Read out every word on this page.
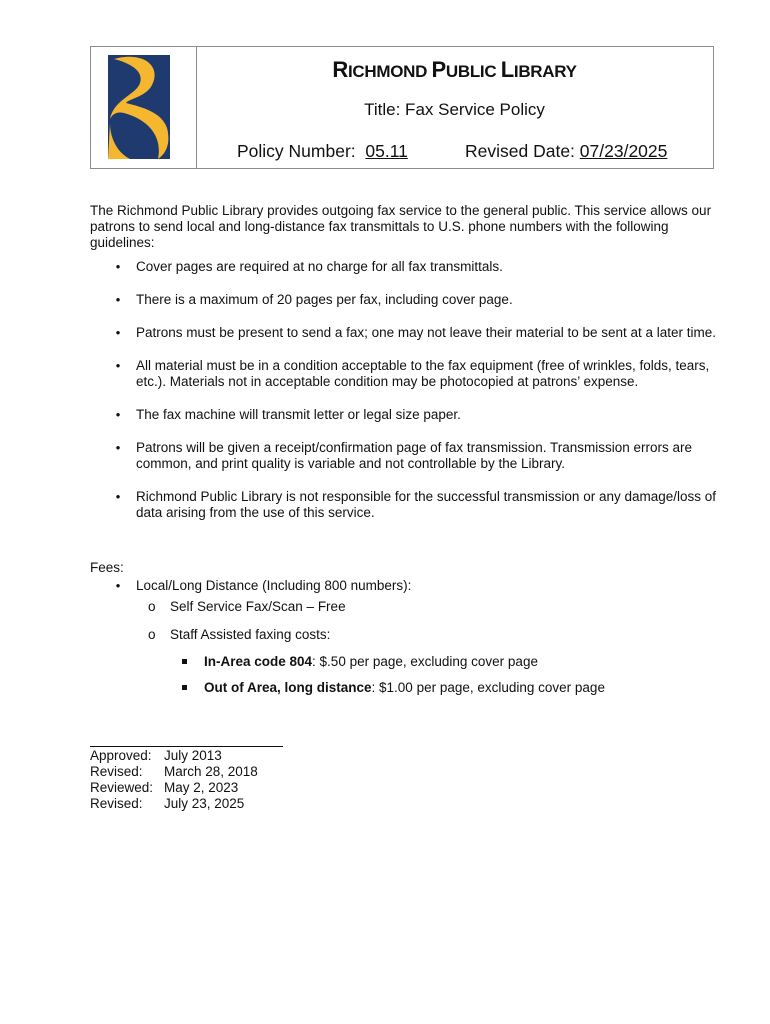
RICHMOND PUBLIC LIBRARY
Title: Fax Service Policy
Policy Number: 05.11	Revised Date: 07/23/2025
The Richmond Public Library provides outgoing fax service to the general public. This service allows our patrons to send local and long-distance fax transmittals to U.S. phone numbers with the following guidelines:
• Cover pages are required at no charge for all fax transmittals.
• There is a maximum of 20 pages per fax, including cover page.
• Patrons must be present to send a fax; one may not leave their material to be sent at a later time.
• All material must be in a condition acceptable to the fax equipment (free of wrinkles, folds, tears, etc.). Materials not in acceptable condition may be photocopied at patrons’ expense.
• The fax machine will transmit letter or legal size paper.
• Patrons will be given a receipt/confirmation page of fax transmission. Transmission errors are common, and print quality is variable and not controllable by the Library.
• Richmond Public Library is not responsible for the successful transmission or any damage/loss of data arising from the use of this service.
Fees:
• Local/Long Distance (Including 800 numbers):
o Self Service Fax/Scan – Free
o Staff Assisted faxing costs:
In-Area code 804: $.50 per page, excluding cover page
Out of Area, long distance: $1.00 per page, excluding cover page
Approved: July 2013
Revised:	March 28, 2018
Reviewed: May 2, 2023
Revised:	July 23, 2025
